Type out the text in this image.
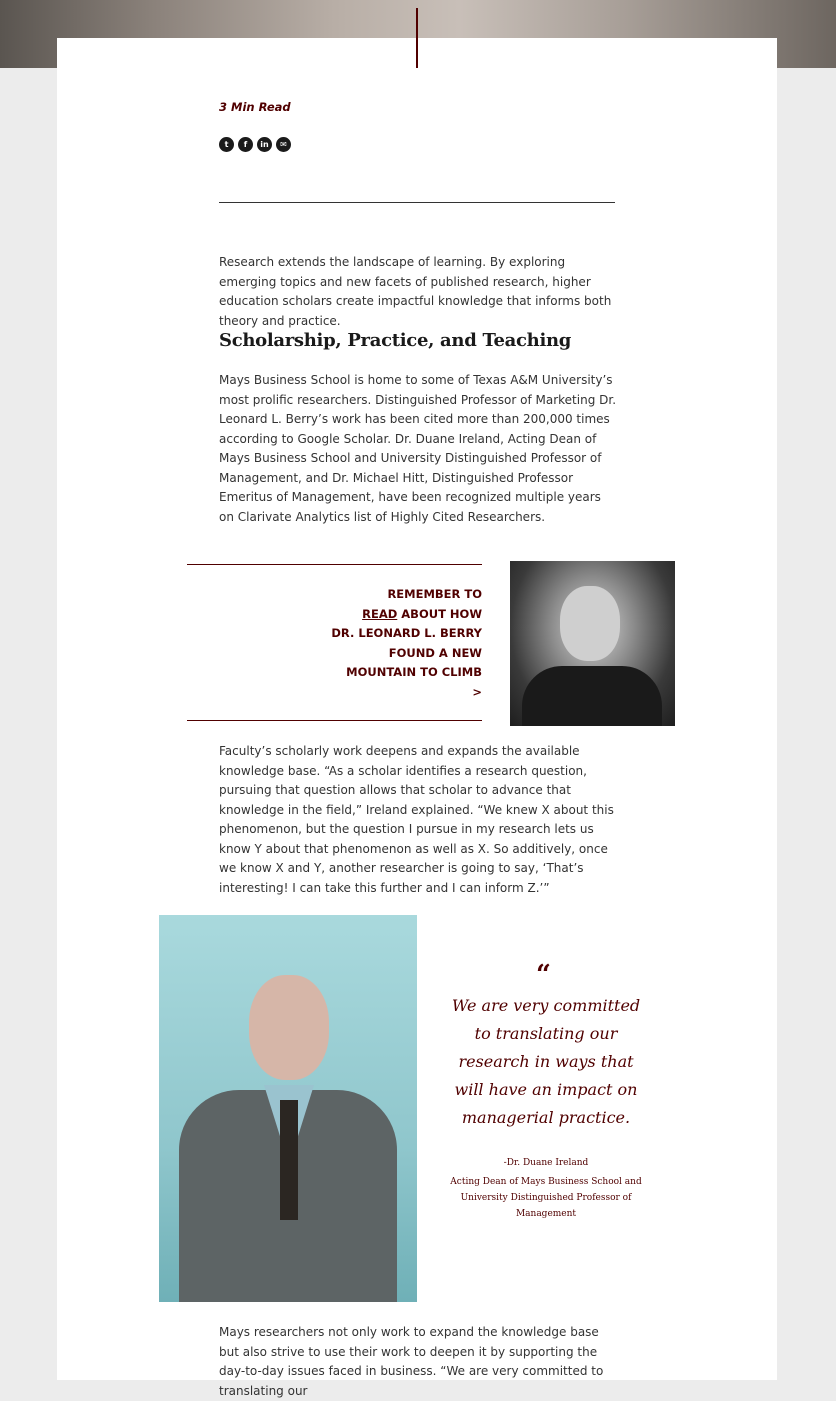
3 Min Read
t	f	in	✉
Research extends the landscape of learning. By exploring emerging topics and new facets of published research, higher education scholars create impactful knowledge that informs both theory and practice.
Scholarship, Practice, and Teaching
Mays Business School is home to some of Texas A&M University’s most prolific researchers. Distinguished Professor of Marketing Dr. Leonard L. Berry’s work has been cited more than 200,000 times according to Google Scholar. Dr. Duane Ireland, Acting Dean of Mays Business School and University Distinguished Professor of Management, and Dr. Michael Hitt, Distinguished Professor Emeritus of Management, have been recognized multiple years on Clarivate Analytics list of Highly Cited Researchers.
REMEMBER TO
READ ABOUT HOW
DR. LEONARD L. BERRY
FOUND A NEW
MOUNTAIN TO CLIMB
>
Faculty’s scholarly work deepens and expands the available knowledge base. “As a scholar identifies a research question, pursuing that question allows that scholar to advance that knowledge in the field,” Ireland explained. “We knew X about this phenomenon, but the question I pursue in my research lets us know Y about that phenomenon as well as X. So additively, once we know X and Y, another researcher is going to say, ‘That’s interesting! I can take this further and I can inform Z.’”
“
We are very committed to translating our research in ways that will have an impact on managerial practice.
-Dr. Duane Ireland
Acting Dean of Mays Business School and University Distinguished Professor of Management
Mays researchers not only work to expand the knowledge base but also strive to use their work to deepen it by supporting the day-to-day issues faced in business. “We are very committed to translating our
